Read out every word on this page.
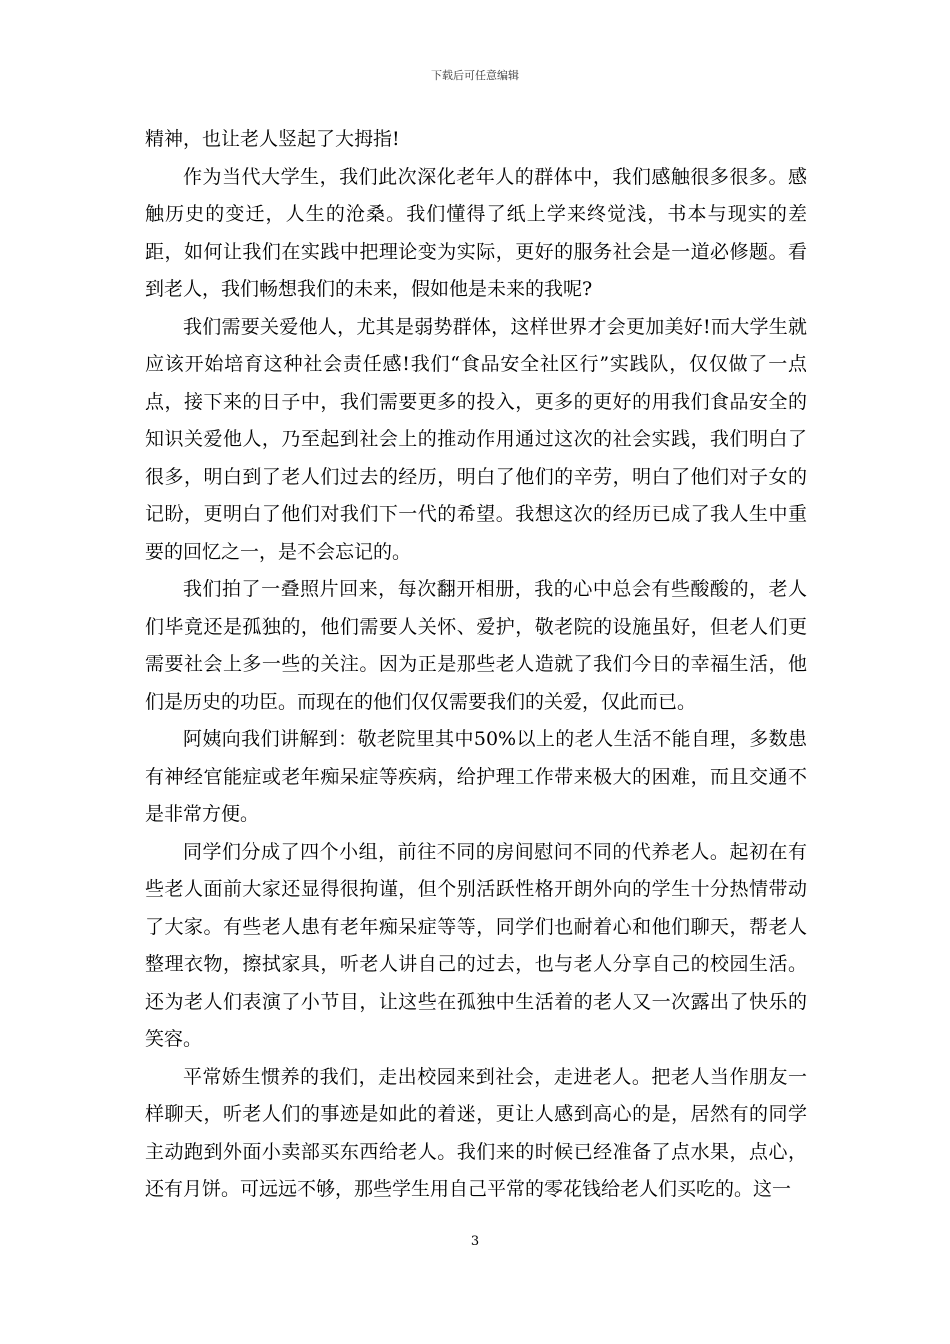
下载后可任意编辑

精神，也让老人竖起了大拇指!

作为当代大学生，我们此次深化老年人的群体中，我们感触很多很多。感触历史的变迁，人生的沧桑。我们懂得了纸上学来终觉浅，书本与现实的差距，如何让我们在实践中把理论变为实际，更好的服务社会是一道必修题。看到老人，我们畅想我们的未来，假如他是未来的我呢?

我们需要关爱他人，尤其是弱势群体，这样世界才会更加美好!而大学生就应该开始培育这种社会责任感!我们“食品安全社区行”实践队，仅仅做了一点点，接下来的日子中，我们需要更多的投入，更多的更好的用我们食品安全的知识关爱他人，乃至起到社会上的推动作用通过这次的社会实践，我们明白了很多，明白到了老人们过去的经历，明白了他们的辛劳，明白了他们对子女的记盼，更明白了他们对我们下一代的希望。我想这次的经历已成了我人生中重要的回忆之一，是不会忘记的。

我们拍了一叠照片回来，每次翻开相册，我的心中总会有些酸酸的，老人们毕竟还是孤独的，他们需要人关怀、爱护，敬老院的设施虽好，但老人们更需要社会上多一些的关注。因为正是那些老人造就了我们今日的幸福生活，他们是历史的功臣。而现在的他们仅仅需要我们的关爱，仅此而已。

阿姨向我们讲解到：敬老院里其中50%以上的老人生活不能自理，多数患有神经官能症或老年痴呆症等疾病，给护理工作带来极大的困难，而且交通不是非常方便。

同学们分成了四个小组，前往不同的房间慰问不同的代养老人。起初在有些老人面前大家还显得很拘谨，但个别活跃性格开朗外向的学生十分热情带动了大家。有些老人患有老年痴呆症等等，同学们也耐着心和他们聊天，帮老人整理衣物，擦拭家具，听老人讲自己的过去，也与老人分享自己的校园生活。还为老人们表演了小节目，让这些在孤独中生活着的老人又一次露出了快乐的笑容。

平常娇生惯养的我们，走出校园来到社会，走进老人。把老人当作朋友一样聊天，听老人们的事迹是如此的着迷，更让人感到高心的是，居然有的同学主动跑到外面小卖部买东西给老人。我们来的时候已经准备了点水果，点心，还有月饼。可远远不够，那些学生用自己平常的零花钱给老人们买吃的。这一

3
